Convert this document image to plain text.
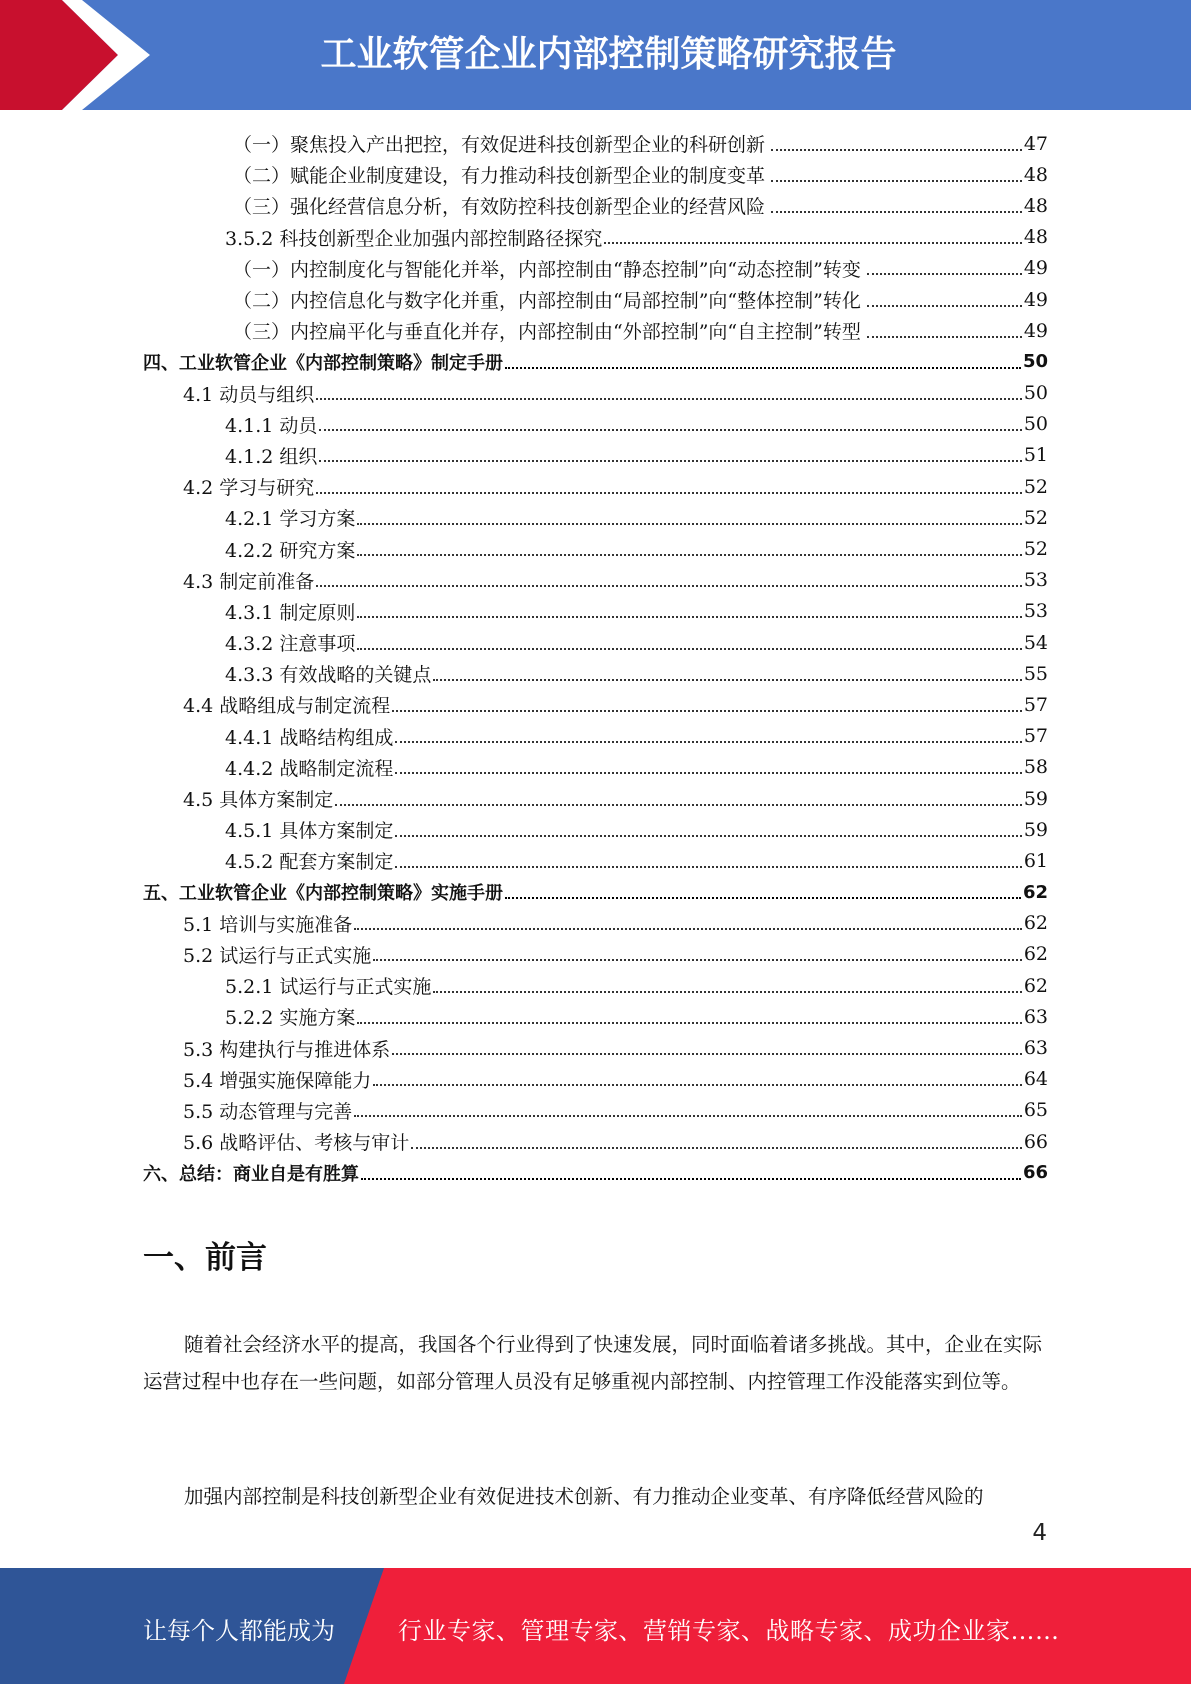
工业软管企业内部控制策略研究报告
（一）聚焦投入产出把控，有效促进科技创新型企业的科研创新	47
（二）赋能企业制度建设，有力推动科技创新型企业的制度变革	48
（三）强化经营信息分析，有效防控科技创新型企业的经营风险	48
3.5.2 科技创新型企业加强内部控制路径探究	48
（一）内控制度化与智能化并举，内部控制由“静态控制”向“动态控制”转变	49
（二）内控信息化与数字化并重，内部控制由“局部控制”向“整体控制”转化	49
（三）内控扁平化与垂直化并存，内部控制由“外部控制”向“自主控制”转型	49
四、工业软管企业《内部控制策略》制定手册	50
4.1 动员与组织	50
4.1.1 动员	50
4.1.2 组织	51
4.2 学习与研究	52
4.2.1 学习方案	52
4.2.2 研究方案	52
4.3 制定前准备	53
4.3.1 制定原则	53
4.3.2 注意事项	54
4.3.3 有效战略的关键点	55
4.4 战略组成与制定流程	57
4.4.1 战略结构组成	57
4.4.2 战略制定流程	58
4.5 具体方案制定	59
4.5.1 具体方案制定	59
4.5.2 配套方案制定	61
五、工业软管企业《内部控制策略》实施手册	62
5.1 培训与实施准备	62
5.2 试运行与正式实施	62
5.2.1 试运行与正式实施	62
5.2.2 实施方案	63
5.3 构建执行与推进体系	63
5.4 增强实施保障能力	64
5.5 动态管理与完善	65
5.6 战略评估、考核与审计	66
六、总结：商业自是有胜算	66
一、前言
随着社会经济水平的提高，我国各个行业得到了快速发展，同时面临着诸多挑战。其中，企业在实际运营过程中也存在一些问题，如部分管理人员没有足够重视内部控制、内控管理工作没能落实到位等。
加强内部控制是科技创新型企业有效促进技术创新、有力推动企业变革、有序降低经营风险的
4
让每个人都能成为	行业专家、管理专家、营销专家、战略专家、成功企业家……
